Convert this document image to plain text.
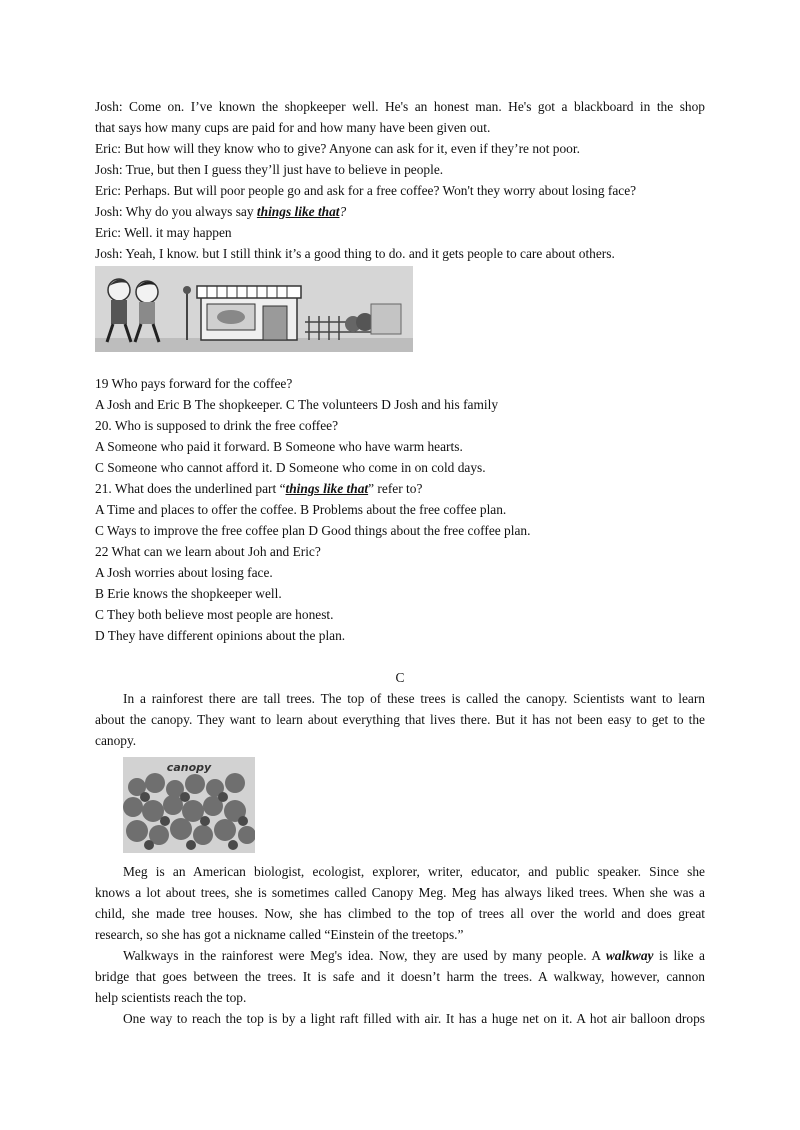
Josh: Come on. I’ve known the shopkeeper well. He's an honest man. He's got a blackboard in the shop
that says how many cups are paid for and how many have been given out.
Eric: But how will they know who to give? Anyone can ask for it, even if they’re not poor.
Josh: True, but then I guess they’ll just have to believe in people.
Eric: Perhaps. But will poor people go and ask for a free coffee? Won't they worry about losing face?
Josh: Why do you always say things like that?
Eric: Well. it may happen
Josh: Yeah, I know. but I still think it’s a good thing to do. and it gets people to care about others.
19 Who pays forward for the coffee?
A Josh and Eric B The shopkeeper. C The volunteers D Josh and his family
20. Who is supposed to drink the free coffee?
A Someone who paid it forward. B Someone who have warm hearts.
C Someone who cannot afford it. D Someone who come in on cold days.
21. What does the underlined part “things like that” refer to?
A Time and places to offer the coffee. B Problems about the free coffee plan.
C Ways to improve the free coffee plan D Good things about the free coffee plan.
22 What can we learn about Joh and Eric?
A Josh worries about losing face.
B Erie knows the shopkeeper well.
C They both believe most people are honest.
D They have different opinions about the plan.
C
In a rainforest there are tall trees. The top of these trees is called the canopy. Scientists want to learn
about the canopy. They want to learn about everything that lives there. But it has not been easy to get to the
canopy.
canopy
Meg is an American biologist, ecologist, explorer, writer, educator, and public speaker. Since she
knows a lot about trees, she is sometimes called Canopy Meg. Meg has always liked trees. When she was a
child, she made tree houses. Now, she has climbed to the top of trees all over the world and does great
research, so she has got a nickname called “Einstein of the treetops.”
Walkways in the rainforest were Meg's idea. Now, they are used by many people. A walkway is like a
bridge that goes between the trees. It is safe and it doesn’t harm the trees. A walkway, however, cannon
help scientists reach the top.
One way to reach the top is by a light raft filled with air. It has a huge net on it. A hot air balloon drops
